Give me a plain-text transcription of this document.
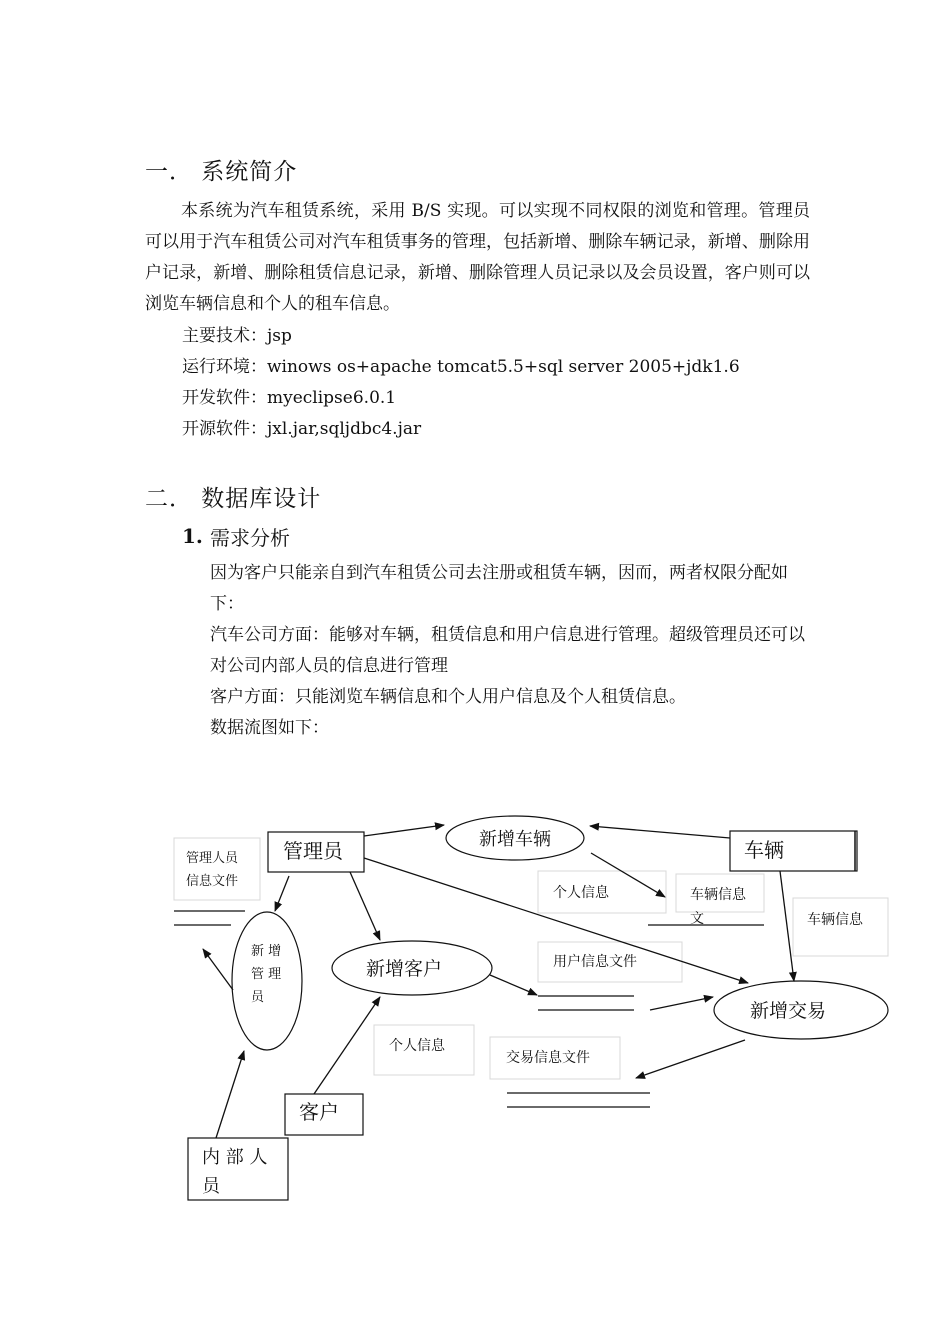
一． 系统简介
本系统为汽车租赁系统，采用 B/S 实现。可以实现不同权限的浏览和管理。管理员可以用于汽车租赁公司对汽车租赁事务的管理，包括新增、删除车辆记录，新增、删除用户记录，新增、删除租赁信息记录，新增、删除管理人员记录以及会员设置，客户则可以浏览车辆信息和个人的租车信息。
主要技术：jsp
运行环境：winows os+apache tomcat5.5+sql server 2005+jdk1.6
开发软件：myeclipse6.0.1
开源软件：jxl.jar,sqljdbc4.jar
二． 数据库设计
1. 需求分析
因为客户只能亲自到汽车租赁公司去注册或租赁车辆，因而，两者权限分配如下：
汽车公司方面：能够对车辆，租赁信息和用户信息进行管理。超级管理员还可以对公司内部人员的信息进行管理
客户方面：只能浏览车辆信息和个人用户信息及个人租赁信息。
数据流图如下：
管理员	车辆
客户
内 部 人
员
新增车辆
新增客户
新增交易
新 增
管 理
员
管理人员
信息文件
个人信息	车辆信息
文	车辆信息
用户信息文件
个人信息
交易信息文件
